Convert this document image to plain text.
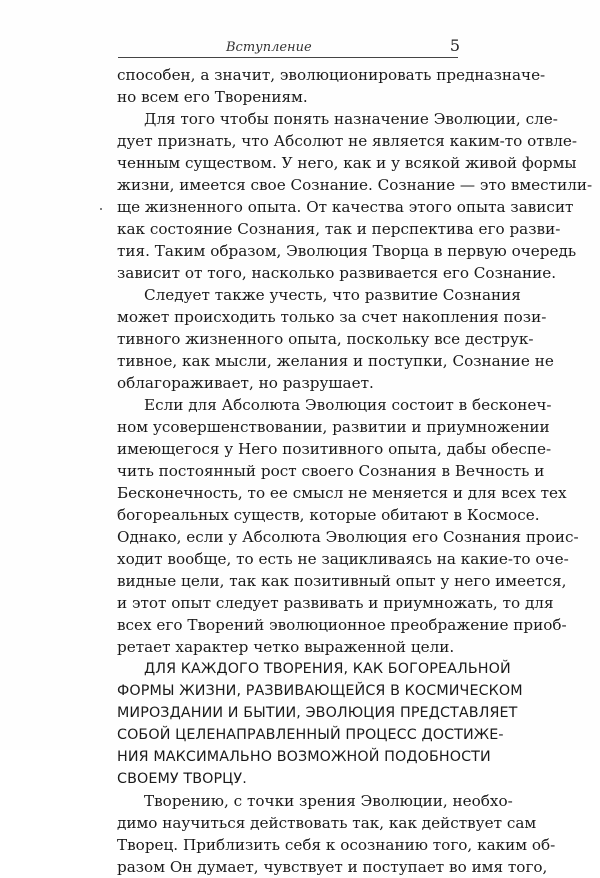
Вступление	5
способен, а значит, эволюционировать предназначе-
но всем его Творениям.
Для того чтобы понять назначение Эволюции, сле-
дует признать, что Абсолют не является каким-то отвле-
ченным существом. У него, как и у всякой живой формы
жизни, имеется свое Сознание. Сознание — это вместили-
ще жизненного опыта. От качества этого опыта зависит
как состояние Сознания, так и перспектива его разви-
тия. Таким образом, Эволюция Творца в первую очередь
зависит от того, насколько развивается его Сознание.
Следует также учесть, что развитие Сознания
может происходить только за счет накопления пози-
тивного жизненного опыта, поскольку все деструк-
тивное, как мысли, желания и поступки, Сознание не
облагораживает, но разрушает.
Если для Абсолюта Эволюция состоит в бесконеч-
ном усовершенствовании, развитии и приумножении
имеющегося у Него позитивного опыта, дабы обеспе-
чить постоянный рост своего Сознания в Вечность и
Бесконечность, то ее смысл не меняется и для всех тех
богореальных существ, которые обитают в Космосе.
Однако, если у Абсолюта Эволюция его Сознания проис-
ходит вообще, то есть не зацикливаясь на какие-то оче-
видные цели, так как позитивный опыт у него имеется,
и этот опыт следует развивать и приумножать, то для
всех его Творений эволюционное преображение приоб-
ретает характер четко выраженной цели.
ДЛЯ КАЖДОГО ТВОРЕНИЯ, КАК БОГОРЕАЛЬНОЙ
ФОРМЫ ЖИЗНИ, РАЗВИВАЮЩЕЙСЯ В КОСМИЧЕСКОМ
МИРОЗДАНИИ И БЫТИИ, ЭВОЛЮЦИЯ ПРЕДСТАВЛЯЕТ
СОБОЙ ЦЕЛЕНАПРАВЛЕННЫЙ ПРОЦЕСС ДОСТИЖЕ-
НИЯ МАКСИМАЛЬНО ВОЗМОЖНОЙ ПОДОБНОСТИ
СВОЕМУ ТВОРЦУ.
Творению, с точки зрения Эволюции, необхо-
димо научиться действовать так, как действует сам
Творец. Приблизить себя к осознанию того, каким об-
разом Он думает, чувствует и поступает во имя того,
